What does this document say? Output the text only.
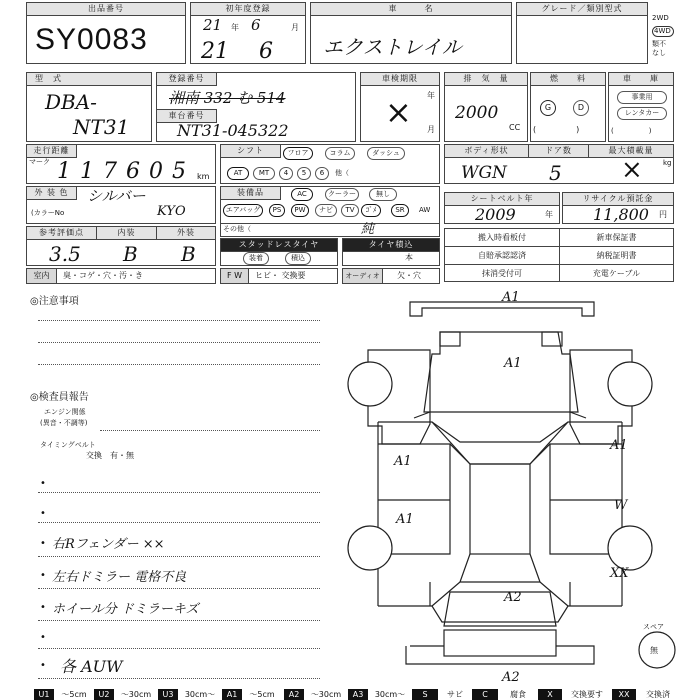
出品番号
SY0083
初年度登録
21 年 6	月
21 6
車　　　名
エクストレイル
グレード／類別型式
2WD
4WD
類不
なし
型　式
DBA-
NT31
登録番号
湘南 332 む 514
車台番号
NT31-045322
車検期限
年
月
×
排　気　量
2000
CC
燃　　料
G	D
(　　　　　)
車　　庫
事業用
レンタカー
(　　　　　)
走行距離
マーク 117605 km
シフト	フロア	コラム	ダッシュ
AT	MT	4	5	6	他（
ボディ形状	ドア数	最大積載量
WGN 5 ×	kg
外 装 色	シルバー
(カラーNo	KYO
装備品	AC	クーラー	無し
エアバッグ	PS	PW	ナビ	TV	ｺﾞﾒ	SR	AW
その他（	純
シートベルト年
2009	年
リサイクル預託金
11,800 円
参考評価点	内装	外装
3.5 B B	スタッドレスタイヤ
装着	積込
タイヤ積込
本
搬入時看板付	新車保証書
自賠承認認済	納税証明書
抹消受付可	充電ケーブル
室内	臭・コゲ・穴・汚・き	F W	ヒビ・ 交換要	オーディオ	欠・穴
◎注意事項
◎検査員報告
エンジン関係
(異音・不調等)
タイミングベルト
交換　有・無
•
•
• 右Rフェンダー ××
• 左右ドミラー 電格不良
• ホイール分 ドミラーキズ
•
• 各 AUW
A1
A1
A1
A1
A1
W
XX
A2
A2
スペア
無
U1	～5cm	U2	～30cm	U3	30cm～	A1	～5cm	A2	～30cm	A3	30cm～	S	サビ	C	腐食	X	交換要す	XX	交換済
